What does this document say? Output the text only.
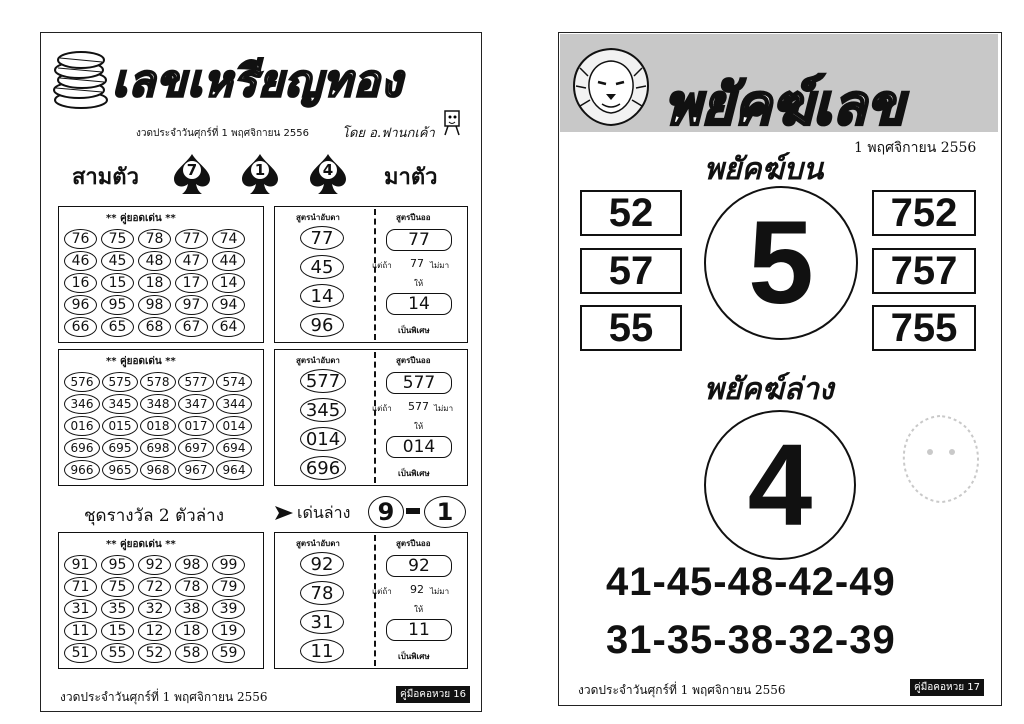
เลขเหรียญทอง
งวดประจำวันศุกร์ที่ 1 พฤศจิกายน 2556	โดย อ.ฟานกเค้า
สามตัว	มาตัว
ชุดรางวัล 2 ตัวล่าง	เด่นล่าง	9	1
งวดประจำวันศุกร์ที่ 1 พฤศจิกายน 2556	คู่มือคอหวย 16
พยัคฆ์เลข
1 พฤศจิกายน 2556
พยัคฆ์บน
5
พยัคฆ์ล่าง
4
41-45-48-42-49
31-35-38-32-39
งวดประจำวันศุกร์ที่ 1 พฤศจิกายน 2556	คู่มือคอหวย 17
7	1	4
** คู่ยอดเด่น **
76	75	78	77	74
46	45	48	47	44
16	15	18	17	14
96	95	98	97	94
66	65	68	67	64
สูตรนำอับดา
77
45
14
96
สูตรปีนออ
77
แต่ถ้า 77 ไม่มา
ให้
14
เป็นพิเศษ
** คู่ยอดเด่น **
576	575	578	577	574
346	345	348	347	344
016	015	018	017	014
696	695	698	697	694
966	965	968	967	964
สูตรนำอับดา
577
345
014
696
สูตรปีนออ
577
แต่ถ้า 577 ไม่มา
ให้
014
เป็นพิเศษ
** คู่ยอดเด่น **
91	95	92	98	99
71	75	72	78	79
31	35	32	38	39
11	15	12	18	19
51	55	52	58	59
สูตรนำอับดา
92
78
31
11
สูตรปีนออ
92
แต่ถ้า 92 ไม่มา
ให้
11
เป็นพิเศษ
52
57
55
752
757
755
